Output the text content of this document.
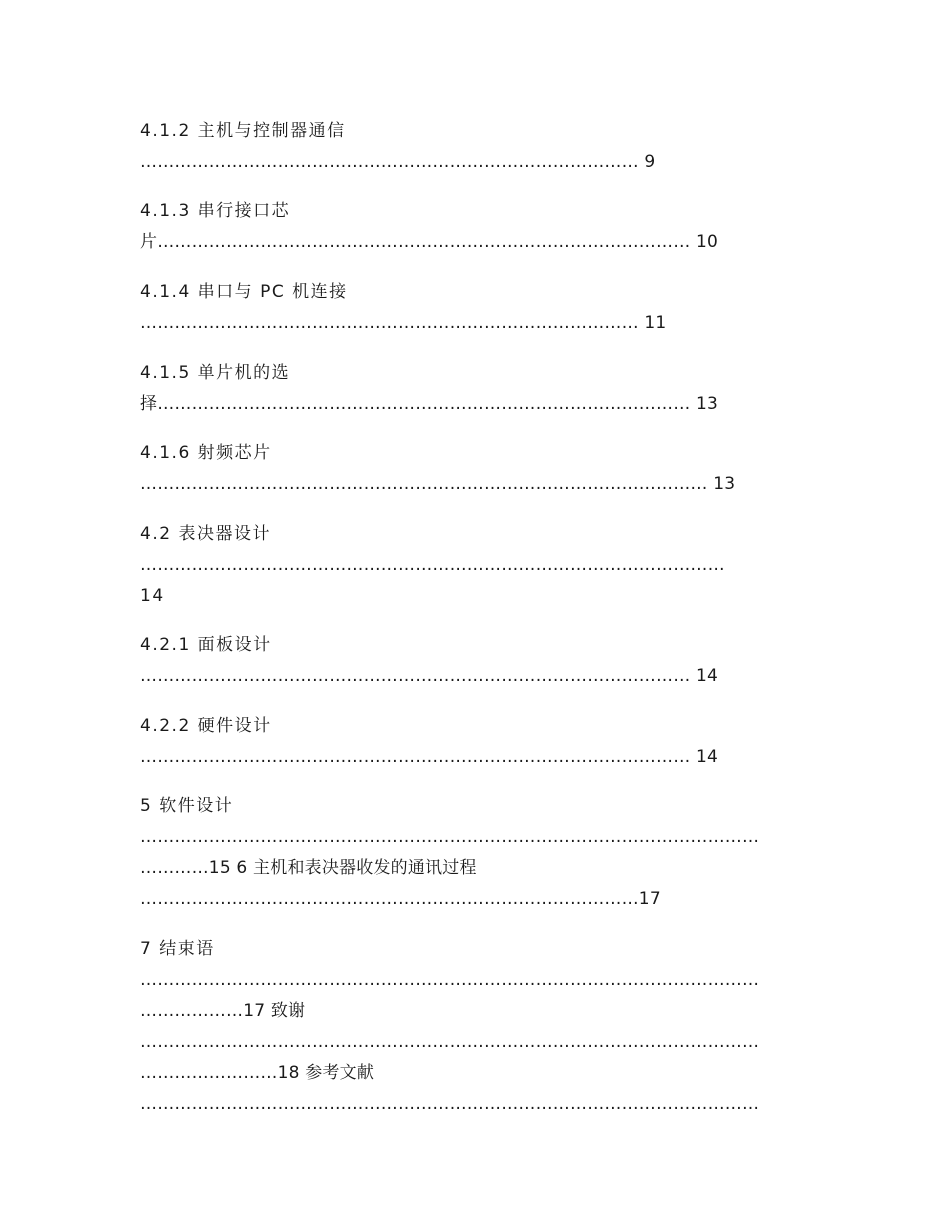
4.1.2 主机与控制器通信
…………………………………………………………………………… 9
4.1.3 串行接口芯
片………………………………………………………………………………… 10
4.1.4 串口与 PC 机连接
…………………………………………………………………………… 11
4.1.5 单片机的选
择………………………………………………………………………………… 13
4.1.6 射频芯片
……………………………………………………………………………………… 13
4.2 表决器设计
…………………………………………………………………………………………
14
4.2.1 面板设计
…………………………………………………………………………………… 14
4.2.2 硬件设计
…………………………………………………………………………………… 14
5 软件设计
………………………………………………………………………………………………
…………15 6 主机和表决器收发的通讯过程
……………………………………………………………………………17
7 结束语
………………………………………………………………………………………………
………………17 致谢
………………………………………………………………………………………………
……………………18 参考文献
………………………………………………………………………………………………
